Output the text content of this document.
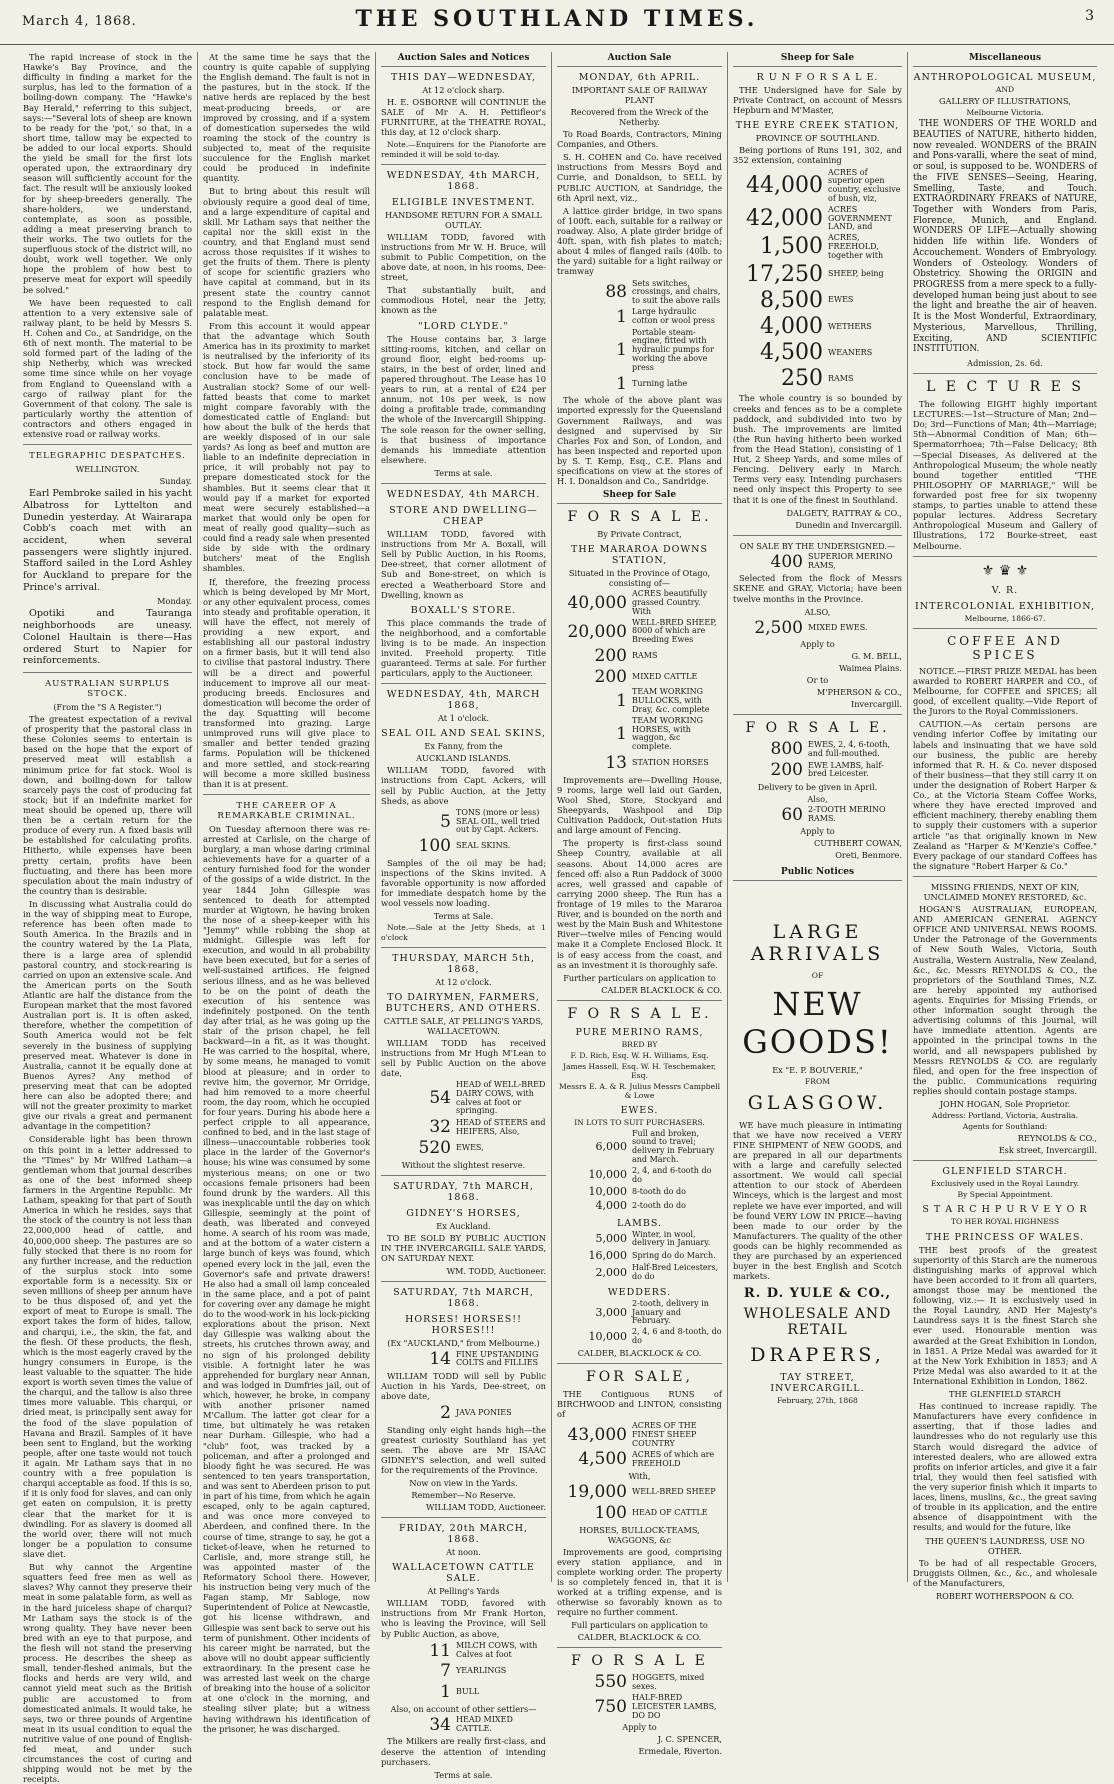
March 4, 1868.	THE SOUTHLAND TIMES.	3

The rapid increase of stock in the Hawke's Bay Province, and the difficulty in finding a market for the surplus, has led to the formation of a boiling-down company. The "Hawke's Bay Herald," referring to this subject, says:—"Several lots of sheep are known to be ready for the 'pot,' so that, in a short time, tallow may be expected to be added to our local exports. Should the yield be small for the first lots operated upon, the extraordinary dry season will sufficiently account for the fact. The result will be anxiously looked for by sheep-breeders generally. The share-holders, we understand, contemplate, as soon as possible, adding a meat preserving branch to their works. The two outlets for the superfluous stock of the district will, no doubt, work well together. We only hope the problem of how best to preserve meat for export will speedily be solved."

We have been requested to call attention to a very extensive sale of railway plant, to be held by Messrs S. H. Cohen and Co., at Sandridge, on the 6th of next month. The material to be sold formed part of the lading of the ship Netherby, which was wrecked some time since while on her voyage from England to Queensland with a cargo of railway plant for the Government of that colony. The sale is particularly worthy the attention of contractors and others engaged in extensive road or railway works.

TELEGRAPHIC DESPATCHES.
WELLINGTON.
Sunday.

Earl Pembroke sailed in his yacht Albatross for Lyttelton and Dunedin yesterday. At Wairarapa Cobb's coach met with an accident, when several passengers were slightly injured. Stafford sailed in the Lord Ashley for Auckland to prepare for the Prince's arrival.

Monday.

Opotiki and Tauranga neighborhoods are uneasy. Colonel Haultain is there—Has ordered Sturt to Napier for reinforcements.

AUSTRALIAN SURPLUS STOCK.
(From the "S A Register.")

The greatest expectation of a revival of prosperity that the pastoral class in these Colonies seems to entertain is based on the hope that the export of preserved meat will establish a minimum price for fat stock. Wool is down, and boiling-down for tallow scarcely pays the cost of producing fat stock; but if an indefinite market for meat should be opened up, there will then be a certain return for the produce of every run. A fixed basis will be established for calculating profits. Hitherto, while expenses have been pretty certain, profits have been fluctuating, and there has been more speculation about the main industry of the country than is desirable.

In discussing what Australia could do in the way of shipping meat to Europe, reference has been often made to South America. In the Brazils and in the country watered by the La Plata, there is a large area of splendid pastoral country, and stock-rearing is carried on upon an extensive scale. And the American ports on the South Atlantic are half the distance from the European market that the most favored Australian port is. It is often asked, therefore, whether the competition of South America would not be felt severely in the business of supplying preserved meat. Whatever is done in Australia, cannot it be equally done at Buenos Ayres? Any method of preserving meat that can be adopted here can also be adopted there; and will not the greater proximity to market give our rivals a great and permanent advantage in the competition?

Considerable light has been thrown on this point in a letter addressed to the "Times" by Mr Wilfred Latham—a gentleman whom that journal describes as one of the best informed sheep farmers in the Argentine Republic. Mr Latham, speaking for that part of South America in which he resides, says that the stock of the country is not less than 22,000,000 head of cattle, and 40,000,000 sheep. The pastures are so fully stocked that there is no room for any further increase, and the reduction of the surplus stock into some exportable form is a necessity. Six or seven millions of sheep per annum have to be thus disposed of, and yet the export of meat to Europe is small. The export takes the form of hides, tallow, and charqui, i.e., the skin, the fat, and the flesh. Of these products, the flesh, which is the most eagerly craved by the hungry consumers in Europe, is the least valuable to the squatter. The hide export is worth seven times the value of the charqui, and the tallow is also three times more valuable. This charqui, or dried meat, is principally sent away for the food of the slave population of Havana and Brazil. Samples of it have been sent to England, but the working people, after one taste would not touch it again. Mr Latham says that in no country with a free population is charqui acceptable as food. If this is so, if it is only food for slaves, and can only get eaten on compulsion, it is pretty clear that the market for it is dwindling. For as slavery is doomed all the world over, there will not much longer be a population to consume slave diet.

But why cannot the Argentine squatters feed free men as well as slaves? Why cannot they preserve their meat in some palatable form, as well as in the hard juiceless shape of charqui? Mr Latham says the stock is of the wrong quality. They have never been bred with an eye to that purpose, and the flesh will not stand the preserving process. He describes the sheep as small, tender-fleshed animals, but the flocks and herds are very wild, and cannot yield meat such as the British public are accustomed to from domesticated animals. It would take, he says, two or three pounds of Argentine meat in its usual condition to equal the nutritive value of one pound of English-fed meat, and under such circumstances the cost of curing and shipping would not be met by the receipts.

At the same time he says that the country is quite capable of supplying the English demand. The fault is not in the pastures, but in the stock. If the native herds are replaced by the best meat-producing breeds, or are improved by crossing, and if a system of domestication supersedes the wild roaming the stock of the country is subjected to, meat of the requisite succulence for the English market could be produced in indefinite quantity.

But to bring about this result will obviously require a good deal of time, and a large expenditure of capital and skill. Mr Latham says that neither the capital nor the skill exist in the country, and that England must send across those requisites if it wishes to get the fruits of them. There is plenty of scope for scientific graziers who have capital at command, but in its present state the country cannot respond to the English demand for palatable meat.

From this account it would appear that the advantage which South America has in its proximity to market is neutralised by the inferiority of its stock. But how far would the same conclusion have to be made of Australian stock? Some of our well-fatted beasts that come to market might compare favorably with the domesticated cattle of England: but how about the bulk of the herds that are weekly disposed of in our sale yards? As long as beef and mutton are liable to an indefinite depreciation in price, it will probably not pay to prepare domesticated stock for the shambles. But it seems clear that it would pay if a market for exported meat were securely established—a market that would only be open for meat of really good quality—such as could find a ready sale when presented side by side with the ordinary butchers' meat of the English shambles.

If, therefore, the freezing process which is being developed by Mr Mort, or any other equivalent process, comes into steady and profitable operation, it will have the effect, not merely of providing a new export, and establishing all our pastoral industry on a firmer basis, but it will tend also to civilise that pastoral industry. There will be a direct and powerful inducement to improve all our meat-producing breeds. Enclosures and domestication will become the order of the day. Squatting will become transformed into grazing. Large unimproved runs will give place to smaller and better tended grazing farms. Population will be thickened and more settled, and stock-rearing will become a more skilled business than it is at present.

THE CAREER OF A REMARKABLE CRIMINAL.

On Tuesday afternoon there was re-arrested at Carlisle, on the charge of burglary, a man whose daring criminal achievements have for a quarter of a century furnished food for the wonder of the gossips of a wide district. In the year 1844 John Gillespie was sentenced to death for attempted murder at Wigtown, he having broken the nose of a sheep-keeper with his "Jemmy" while robbing the shop at midnight. Gillespie was left for execution, and would in all probability have been executed, but for a series of well-sustained artifices. He feigned serious illness, and as he was believed to be on the point of death the execution of his sentence was indefinitely postponed. On the tenth day after trial, as he was going up the stair of the prison chapel, he fell backward—in a fit, as it was thought. He was carried to the hospital, where, by some means, he managed to vomit blood at pleasure; and in order to revive him, the governor, Mr Orridge, had him removed to a more cheerful room, the day room, which he occupied for four years. During his abode here a perfect cripple to all appearance, confined to bed, and in the last stage of illness—unaccountable robberies took place in the larder of the Governor's house; his wine was consumed by some mysterious means; on one or two occasions female prisoners had been found drunk by the warders. All this was inexplicable until the day on which Gillespie, seemingly at the point of death, was liberated and conveyed home. A search of his room was made, and at the bottom of a water cistern a large bunch of keys was found, which opened every lock in the jail, even the Governor's safe and private drawers! He also had a small oil lamp concealed in the same place, and a pot of paint for covering over any damage he might do to the wood-work in his lock-picking explorations about the prison. Next day Gillespie was walking about the streets, his crutches thrown away, and no sign of his prolonged debility visible. A fortnight later he was apprehended for burglary near Annan, and was lodged in Dumfries jail, out of which, however, he broke, in company with another prisoner named M'Callum. The latter got clear for a time, but ultimately he was retaken near Durham. Gillespie, who had a "club" foot, was tracked by a policeman, and after a prolonged and bloody fight he was secured. He was sentenced to ten years transportation, and was sent to Aberdeen prison to put in part of his time, from which he again escaped, only to be again captured, and was once more conveyed to Aberdeen, and confined there. In the course of time, strange to say, he got a ticket-of-leave, when he returned to Carlisle, and, more strange still, he was appointed master of the Reformatory School there. However, his instruction being very much of the Fagan stamp, Mr Sabloge, now Superintendent of Police at Newcastle, got his license withdrawn, and Gillespie was sent back to serve out his term of punishment. Other incidents of his career might be narrated, but the above will no doubt appear sufficiently extraordinary. In the present case he was arrested last week on the charge of breaking into the house of a solicitor at one o'clock in the morning, and stealing silver plate; but a witness having withdrawn his identification of the prisoner, he was discharged.

Auction Sales and Notices
THIS DAY—WEDNESDAY,
At 12 o'clock sharp.

H. E. OSBORNE will CONTINUE the SALE of Mr A. H. Pettifleor's FURNITURE, at the THEATRE ROYAL, this day, at 12 o'clock sharp.

Note.—Enquirers for the Pianoforte are reminded it will be sold to-day.

WEDNESDAY, 4th MARCH, 1868.
ELIGIBLE INVESTMENT.
HANDSOME RETURN FOR A SMALL OUTLAY.

WILLIAM TODD, favored with instructions from Mr W. H. Bruce, will submit to Public Competition, on the above date, at noon, in his rooms, Dee-street,

That substantially built, and commodious Hotel, near the Jetty, known as the

"LORD CLYDE."

The House contains bar, 3 large sitting-rooms, kitchen, and cellar on ground floor, eight bed-rooms up-stairs, in the best of order, lined and papered throughout. The Lease has 10 years to run, at a rental of £24 per annum, not 10s per week, is now doing a profitable trade, commanding the whole of the Invercargill Shipping. The sole reason for the owner selling, is that business of importance demands his immediate attention elsewhere.

Terms at sale.
WEDNESDAY, 4th MARCH.
STORE AND DWELLING—CHEAP

WILLIAM TODD, favored with instructions from Mr A. Boxall, will Sell by Public Auction, in his Rooms, Dee-street, that corner allotment of Sub and Bone-street, on which is erected a Weatherboard Store and Dwelling, known as

BOXALL'S STORE.

This place commands the trade of the neighborhood, and a comfortable living is to be made. An inspection invited. Freehold property. Title guaranteed. Terms at sale. For further particulars, apply to the Auctioneer.

WEDNESDAY, 4th, MARCH 1868,
At 1 o'clock.
SEAL OIL AND SEAL SKINS,
Ex Fanny, from the
AUCKLAND ISLANDS.

WILLIAM TODD, favored with instructions from Capt. Ackers, will sell by Public Auction, at the Jetty Sheds, as above

5 TONS (more or less) SEAL OIL, well tried out by Capt. Ackers.
100 SEAL SKINS.

Samples of the oil may be had; inspections of the Skins invited. A favorable opportunity is now afforded for immediate despatch home by the wool vessels now loading.

Terms at Sale.

Note.—Sale at the Jetty Sheds, at 1 o'clock

THURSDAY, MARCH 5th, 1868,
At 12 o'clock.
TO DAIRYMEN, FARMERS, BUTCHERS, AND OTHERS.
CATTLE SALE, AT PELLING'S YARDS, WALLACETOWN.

WILLIAM TODD has received instructions from Mr Hugh M'Lean to sell by Public Auction on the above date,

54
HEAD of WELL-BRED DAIRY COWS, with calves at foot or springing.
32 HEAD of STEERS and HEIFERS, Also,
520 EWES,
Without the slightest reserve.
SATURDAY, 7th MARCH, 1868.
GIDNEY'S HORSES,
Ex Auckland.

TO BE SOLD BY PUBLIC AUCTION IN THE INVERCARGILL SALE YARDS, ON SATURDAY NEXT.

WM. TODD, Auctioneer.
SATURDAY, 7th MARCH, 1868.
HORSES! HORSES!! HORSES!!!
(Ex "AUCKLAND," from Melbourne.)
14 FINE UPSTANDING COLTS and FILLIES

WILLIAM TODD will sell by Public Auction in his Yards, Dee-street, on above date,

2 JAVA PONIES

Standing only eight hands high—the greatest curiosity Southland has yet seen. The above are Mr ISAAC GIDNEY'S selection, and well suited for the requirements of the Province.

Now on view in the Yards.
Remember—No Reserve.
WILLIAM TODD, Auctioneer.
FRIDAY, 20th MARCH, 1868.
At noon.
WALLACETOWN CATTLE SALE.
At Pelling's Yards

WILLIAM TODD, favored with instructions from Mr Frank Horton, who is leaving the Province, will Sell by Public Auction, as above,

11 MILCH COWS, with Calves at foot
7 YEARLINGS
1 BULL
Also, on account of other settlers—
34 HEAD MIXED CATTLE.

The Milkers are really first-class, and deserve the attention of intending purchasers.

Terms at sale.
Auction Sale
MONDAY, 6th APRIL.
IMPORTANT SALE OF RAILWAY PLANT
Recovered from the Wreck of the Netherby.

To Road Boards, Contractors, Mining Companies, and Others.

S. H. COHEN and Co. have received instructions from Messrs Boyd and Currie, and Donaldson, to SELL by PUBLIC AUCTION, at Sandridge, the 6th April next, viz.,

A lattice girder bridge, in two spans of 100ft. each, suitable for a railway or roadway. Also, A plate girder bridge of 40ft. span, with fish plates to match; about 4 miles of flanged rails (40lb. to the yard) suitable for a light railway or tramway

88 Sets switches, crossings, and chairs, to suit the above rails
1 Large hydraulic cotton or wool press
1
Portable steam-engine, fitted with hydraulic pumps for working the above press
1 Turning lathe

The whole of the above plant was imported expressly for the Queensland Government Railways, and was designed and supervised by Sir Charles Fox and Son, of London, and has been inspected and reported upon by S. T. Kemp, Esq., C.E. Plans and specifications on view at the stores of H. I. Donaldson and Co., Sandridge.

Sheep for Sale
F O R S A L E.
By Private Contract,
THE MARAROA DOWNS STATION,
Situated in the Province of Otago, consisting of—
40,000 ACRES beautifully grassed Country. With
20,000 WELL-BRED SHEEP, 8000 of which are Breeding Ewes
200 RAMS
200 MIXED CATTLE
1 TEAM WORKING BULLOCKS, with Dray, &c. complete
1
TEAM WORKING HORSES, with waggon, &c complete.
13 STATION HORSES

Improvements are—Dwelling House, 9 rooms, large well laid out Garden, Wool Shed, Store, Stockyard and Sheepyards, Washpool and Dip Cultivation Paddock, Out-station Huts and large amount of Fencing.

The property is first-class sound Sheep Country, available at all seasons. About 14,000 acres are fenced off: also a Run Paddock of 3000 acres, well grassed and capable of carrying 2000 sheep. The Run has a frontage of 19 miles to the Mararoa River, and is bounded on the north and west by the Main Bush and Whitestone River—twelve miles of Fencing would make it a Complete Enclosed Block. It is of easy access from the coast, and as an investment it is thoroughly safe.

Further particulars on application to
CALDER BLACKLOCK & CO.
F O R S A L E.
PURE MERINO RAMS,
BRED BY
F. D. Rich, Esq. W. H. Williams, Esq.
James Hassell, Esq. W. H. Teschemaker, Esq.
Messrs E. A. & R. Julius Messrs Campbell & Lowe
EWES.
IN LOTS TO SUIT PURCHASERS.
6,000
Full and broken, sound to travel; delivery in February and March.
10,000 2, 4, and 6-tooth do do
10,000 8-tooth do do
4,000 2-tooth do do
LAMBS.
5,000 Winter, in wool, delivery in January.
16,000 Spring do do March.
2,000 Half-Bred Leicesters, do do
WEDDERS.
3,000
2-tooth, delivery in January and February.
10,000 2, 4, 6 and 8-tooth, do do
CALDER, BLACKLOCK & CO.
FOR SALE,

THE Contiguous RUNS of BIRCHWOOD and LINTON, consisting of

43,000 ACRES OF THE FINEST SHEEP COUNTRY
4,500 ACRES of which are FREEHOLD
With,
19,000 WELL-BRED SHEEP
100 HEAD OF CATTLE
HORSES, BULLOCK-TEAMS, WAGGONS, &c

Improvements are good, comprising every station appliance, and in complete working order. The property is so completely fenced in, that it is worked at a trifling expense, and is otherwise so favorably known as to require no further comment.

Full particulars on application to
CALDER, BLACKLOCK & CO.
F O R S A L E
550 HOGGETS, mixed sexes.
750 HALF-BRED LEICESTER LAMBS, DO DO
Apply to
J. C. SPENCER,
Ermedale, Riverton.
Sheep for Sale
R U N F O R S A L E.

THE Undersigned have for Sale by Private Contract, on account of Messrs Hepburn and M'Master,

THE EYRE CREEK STATION,
PROVINCE OF SOUTHLAND.

Being portions of Runs 191, 302, and 352 extension, containing

44,000
ACRES of superior open country, exclusive of bush, viz,
42,000 ACRES GOVERNMENT LAND, and
1,500 ACRES, FREEHOLD, together with
17,250 SHEEP, being
8,500 EWES
4,000 WETHERS
4,500 WEANERS
250 RAMS

The whole country is so bounded by creeks and fences as to be a complete paddock, and subdivided into two by bush. The improvements are limited (the Run having hitherto been worked from the Head Station), consisting of 1 Hut, 2 Sheep Yards, and some miles of Fencing. Delivery early in March. Terms very easy. Intending purchasers need only inspect this Property to see that it is one of the finest in Southland.

DALGETY, RATTRAY & CO.,
Dunedin and Invercargill.
ON SALE BY THE UNDERSIGNED.—
400 SUPERIOR MERINO RAMS,

Selected from the flock of Messrs SKENE and GRAY, Victoria; have been twelve months in the Province.

ALSO,
2,500 MIXED EWES.
Apply to
G. M. BELL,
Waimea Plains.
Or to
M'PHERSON & CO.,
Invercargill.
F O R S A L E.
800 EWES, 2, 4, 6-tooth, and full-mouthed.
200 EWE LAMBS, half-bred Leicester.
Delivery to be given in April.
Also,
60 2-TOOTH MERINO RAMS.
Apply to
CUTHBERT COWAN,
Oreti, Benmore.
Public Notices
LARGE ARRIVALS
OF
NEW GOODS!
Ex "E. P. BOUVERIE,"
FROM
GLASGOW.

WE have much pleasure in intimating that we have now received a VERY FINE SHIPMENT of NEW GOODS, and are prepared in all our departments with a large and carefully selected assortment. We would call special attention to our stock of Aberdeen Winceys, which is the largest and most replete we have ever imported, and will be found VERY LOW IN PRICE—having been made to our order by the Manufacturers. The quality of the other goods can be highly recommended as they are purchased by an experienced buyer in the best English and Scotch markets.

R. D. YULE & CO.,
WHOLESALE AND RETAIL
DRAPERS,
TAY STREET, INVERCARGILL.
February, 27th, 1868
Miscellaneous
ANTHROPOLOGICAL MUSEUM,
AND
GALLERY OF ILLUSTRATIONS,
Melbourne Victoria.

THE WONDERS OF THE WORLD and BEAUTIES of NATURE, hitherto hidden, now revealed. WONDERS of the BRAIN and Pons-varalli, where the seat of mind, or soul, is supposed to be. WONDERS of the FIVE SENSES—Seeing, Hearing, Smelling, Taste, and Touch. EXTRAORDINARY FREAKS of NATURE, Together with Wonders from Paris, Florence, Munich, and England. WONDERS OF LIFE—Actually showing hidden life within life. Wonders of Accouchement. Wonders of Embryology. Wonders of Osteology. Wonders of Obstetricy. Showing the ORIGIN and PROGRESS from a mere speck to a fully-developed human being just about to see the light and breathe the air of heaven. It is the Most Wonderful, Extraordinary, Mysterious, Marvellous, Thrilling, Exciting, AND SCIENTIFIC INSTITUTION.

Admission, 2s. 6d.
L E C T U R E S

The following EIGHT highly important LECTURES:—1st—Structure of Man; 2nd—Do; 3rd—Functions of Man; 4th—Marriage; 5th—Abnormal Condition of Man; 6th—Spermatorrhoea; 7th—False Delicacy; 8th—Special Diseases, As delivered at the Anthropological Museum; the whole neatly bound together entitled "THE PHILOSOPHY OF MARRIAGE," Will be forwarded post free for six twopenny stamps, to parties unable to attend these popular lectures. Address Secretary Anthropological Museum and Gallery of Illustrations, 172 Bourke-street, east Melbourne.

⚜ ♛ ⚜
V. R.
INTERCOLONIAL EXHIBITION,
Melbourne, 1866-67.
COFFEE AND SPICES

NOTICE.—FIRST PRIZE MEDAL has been awarded to ROBERT HARPER and CO., of Melbourne, for COFFEE and SPICES; all good, of excellent quality.—Vide Report of the Jurors to the Royal Commissioners.

CAUTION.—As certain persons are vending inferior Coffee by imitating our labels and insinuating that we have sold our business, the public are hereby informed that R. H. & Co. never disposed of their business—that they still carry it on under the designation of Robert Harper & Co., at the Victoria Steam Coffee Works, where they have erected improved and efficient machinery, thereby enabling them to supply their customers with a superior article "as that originally known in New Zealand as "Harper & M'Kenzie's Coffee." Every package of our standard Coffees has the signature "Robert Harper & Co."

MISSING FRIENDS, NEXT OF KIN, UNCLAIMED MONEY RESTORED, &c.

HOGAN'S AUSTRALIAN, EUROPEAN, AND AMERICAN GENERAL AGENCY OFFICE AND UNIVERSAL NEWS ROOMS. Under the Patronage of the Governments of New South Wales, Victoria, South Australia, Western Australia, New Zealand, &c., &c. Messrs REYNOLDS & CO., the proprietors of the Southland Times, N.Z. are hereby appointed my authorised agents. Enquiries for Missing Friends, or other information sought through the advertising columns of this Journal, will have immediate attention. Agents are appointed in the principal towns in the world, and all newspapers published by Messrs REYNOLDS & CO. are regularly filed, and open for the free inspection of the public. Communications requiring replies should contain postage stamps.

JOHN HOGAN, Sole Proprietor.
Address: Portland, Victoria, Australia.
Agents for Southland:
REYNOLDS & CO.,
Esk street, Invercargill.
GLENFIELD STARCH.
Exclusively used in the Royal Laundry.
By Special Appointment.
S T A R C H P U R V E Y O R
TO HER ROYAL HIGHNESS
THE PRINCESS OF WALES.

THE best proofs of the greatest superiority of this Starch are the numerous distinguishing marks of approval which have been accorded to it from all quarters, amongst those may be mentioned the following, viz.:— It is exclusively used in the Royal Laundry, AND Her Majesty's Laundress says it is the finest Starch she ever used. Honourable mention was awarded at the Great Exhibition in London, in 1851. A Prize Medal was awarded for it at the New York Exhibition in 1853; and A Prize Medal was also awarded to it at the International Exhibition in London, 1862.

THE GLENFIELD STARCH

Has continued to increase rapidly. The Manufacturers have every confidence in asserting, that if those ladies and laundresses who do not regularly use this Starch would disregard the advice of interested dealers, who are allowed extra profits on inferior articles, and give it a fair trial, they would then feel satisfied with the very superior finish which it imparts to laces, linens, muslins, &c., the great saving of trouble in its application, and the entire absence of disappointment with the results, and would for the future, like

THE QUEEN'S LAUNDRESS, USE NO OTHER.

To be had of all respectable Grocers, Druggists Oilmen, &c., &c., and wholesale of the Manufacturers,

ROBERT WOTHERSPOON & CO.
